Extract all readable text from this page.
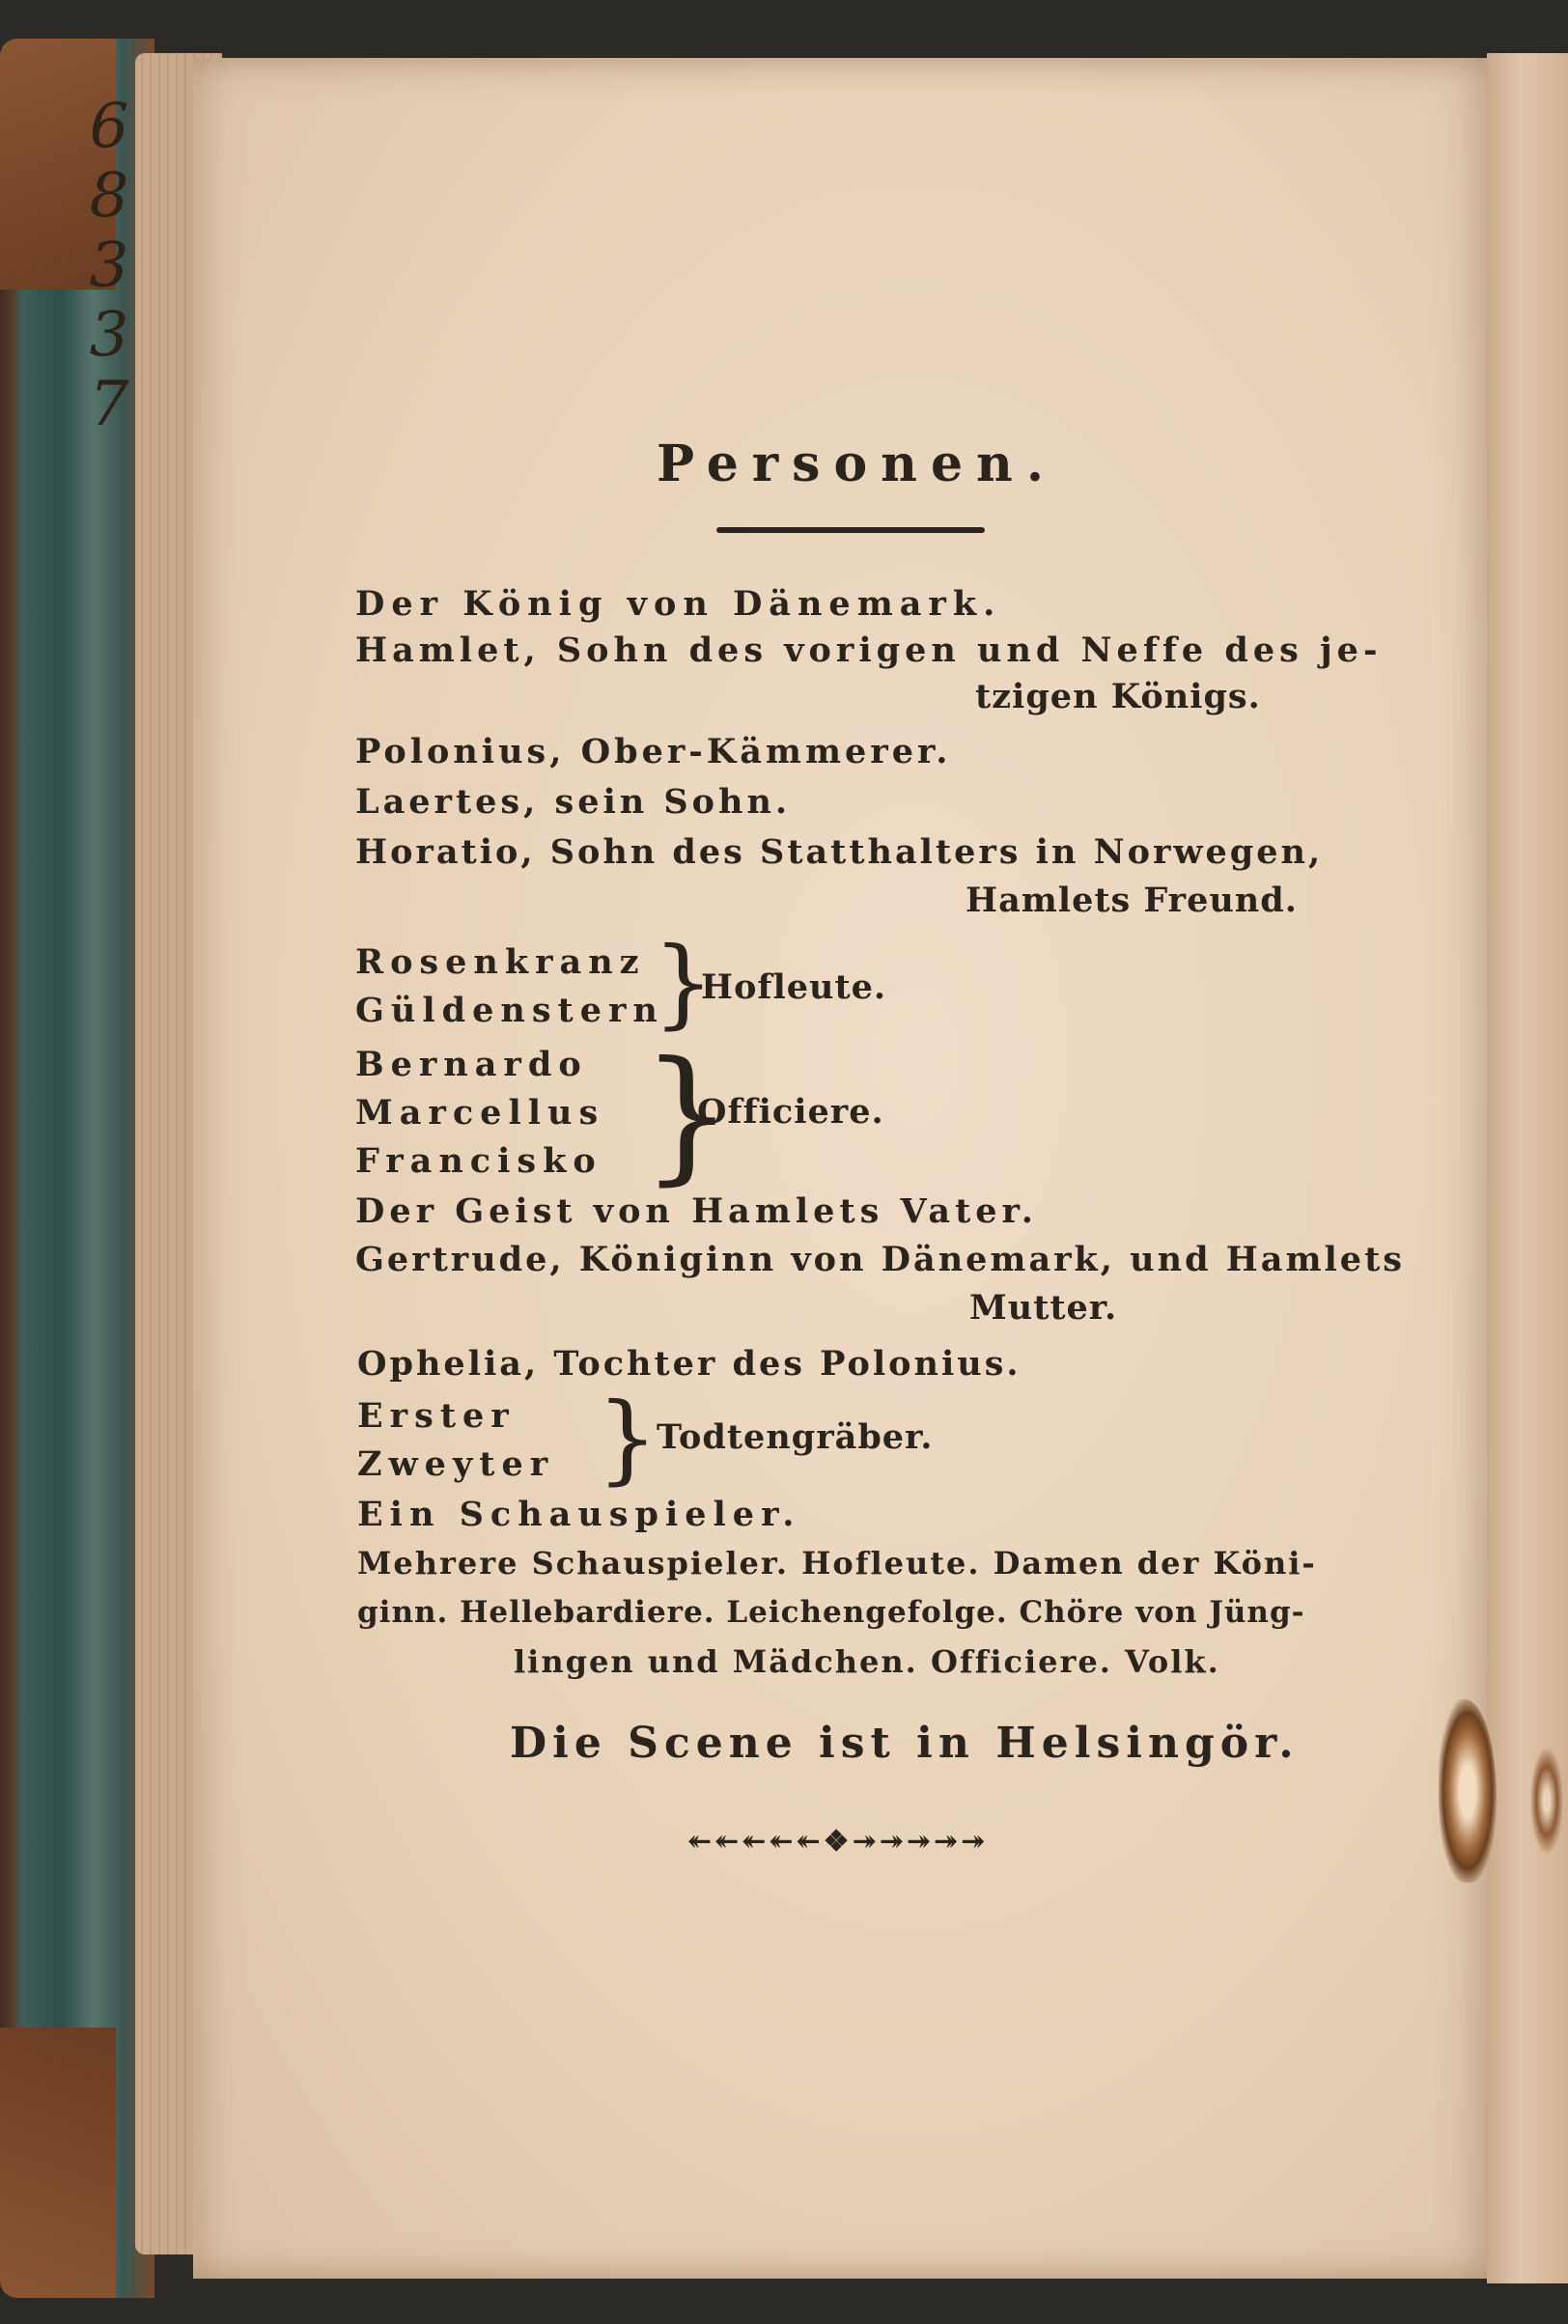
6
8
3
3
7
Personen.
Der König von Dänemark.
Hamlet, Sohn des vorigen und Neffe des je-
tzigen Königs.
Polonius, Ober-Kämmerer.
Laertes, sein Sohn.
Horatio, Sohn des Statthalters in Norwegen,
Hamlets Freund.
Rosenkranz
Güldenstern
}
Hofleute.
Bernardo
Marcellus
Francisko }
Officiere.
Der Geist von Hamlets Vater.
Gertrude, Königinn von Dänemark, und Hamlets
Mutter.
Ophelia, Tochter des Polonius.
Erster
Zweyter }
Todtengräber.
Ein Schauspieler.
Mehrere Schauspieler. Hofleute. Damen der Köni-
ginn. Hellebardiere. Leichengefolge. Chöre von Jüng-
lingen und Mädchen. Officiere. Volk.
Die Scene ist in Helsingör.
↞↞↞↞↞❖↠↠↠↠↠
